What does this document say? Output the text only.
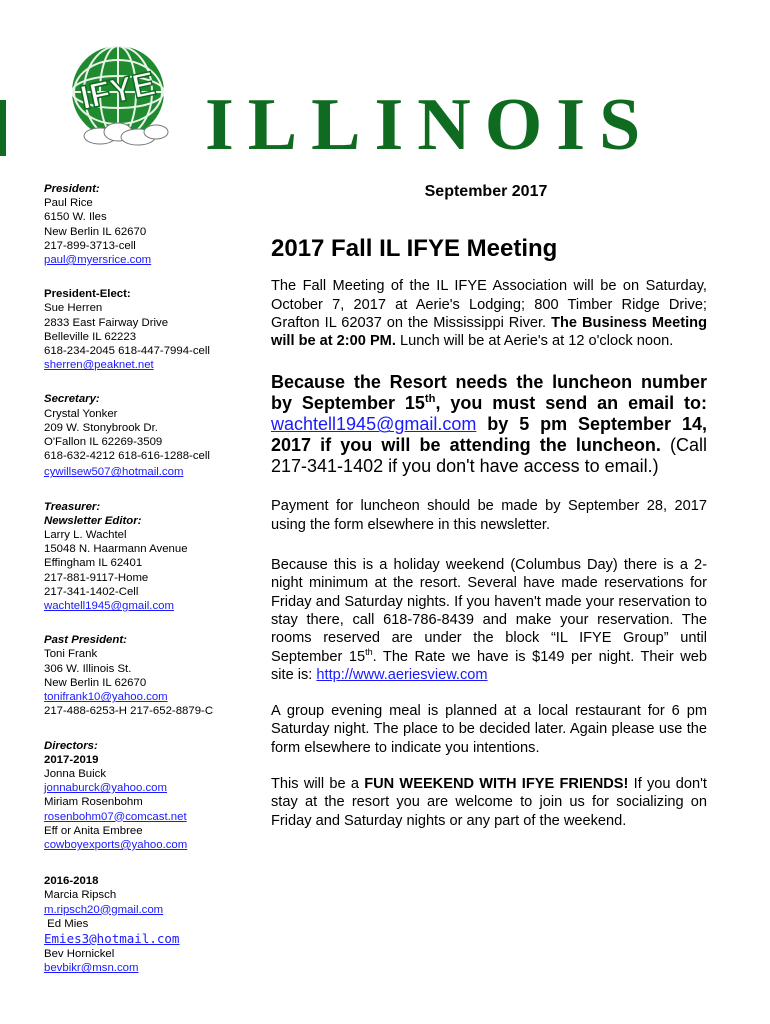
IFYE ILLINOIS
President:
Paul Rice
6150 W. Iles
New Berlin IL 62670
217-899-3713-cell
paul@myersrice.com
President-Elect:
Sue Herren
2833 East Fairway Drive
Belleville IL 62223
618-234-2045 618-447-7994-cell
sherren@peaknet.net
Secretary:
Crystal Yonker
209 W. Stonybrook Dr.
O'Fallon IL 62269-3509
618-632-4212 618-616-1288-cell
cywillsew507@hotmail.com
Treasurer:
Newsletter Editor:
Larry L. Wachtel
15048 N. Haarmann Avenue
Effingham IL 62401
217-881-9117-Home
217-341-1402-Cell
wachtell1945@gmail.com
Past President:
Toni Frank
306 W. Illinois St.
New Berlin IL 62670
tonifrank10@yahoo.com
217-488-6253-H 217-652-8879-C
Directors:
2017-2019
Jonna Buick
jonnaburck@yahoo.com
Miriam Rosenbohm
rosenbohm07@comcast.net
Eff or Anita Embree
cowboyexports@yahoo.com
2016-2018
Marcia Ripsch
m.ripsch20@gmail.com
Ed Mies
Emies3@hotmail.com
Bev Hornickel
bevbikr@msn.com
September 2017
2017 Fall IL IFYE Meeting
The Fall Meeting of the IL IFYE Association will be on Saturday, October 7, 2017 at Aerie's Lodging; 800 Timber Ridge Drive; Grafton IL 62037 on the Mississippi River. The Business Meeting will be at 2:00 PM. Lunch will be at Aerie's at 12 o'clock noon.
Because the Resort needs the luncheon number by September 15th, you must send an email to: wachtell1945@gmail.com by 5 pm September 14, 2017 if you will be attending the luncheon. (Call 217-341-1402 if you don't have access to email.)
Payment for luncheon should be made by September 28, 2017 using the form elsewhere in this newsletter.
Because this is a holiday weekend (Columbus Day) there is a 2-night minimum at the resort. Several have made reservations for Friday and Saturday nights. If you haven't made your reservation to stay there, call 618-786-8439 and make your reservation. The rooms reserved are under the block “IL IFYE Group” until September 15th. The Rate we have is $149 per night. Their web site is: http://www.aeriesview.com
A group evening meal is planned at a local restaurant for 6 pm Saturday night. The place to be decided later. Again please use the form elsewhere to indicate you intentions.
This will be a FUN WEEKEND WITH IFYE FRIENDS! If you don't stay at the resort you are welcome to join us for socializing on Friday and Saturday nights or any part of the weekend.
